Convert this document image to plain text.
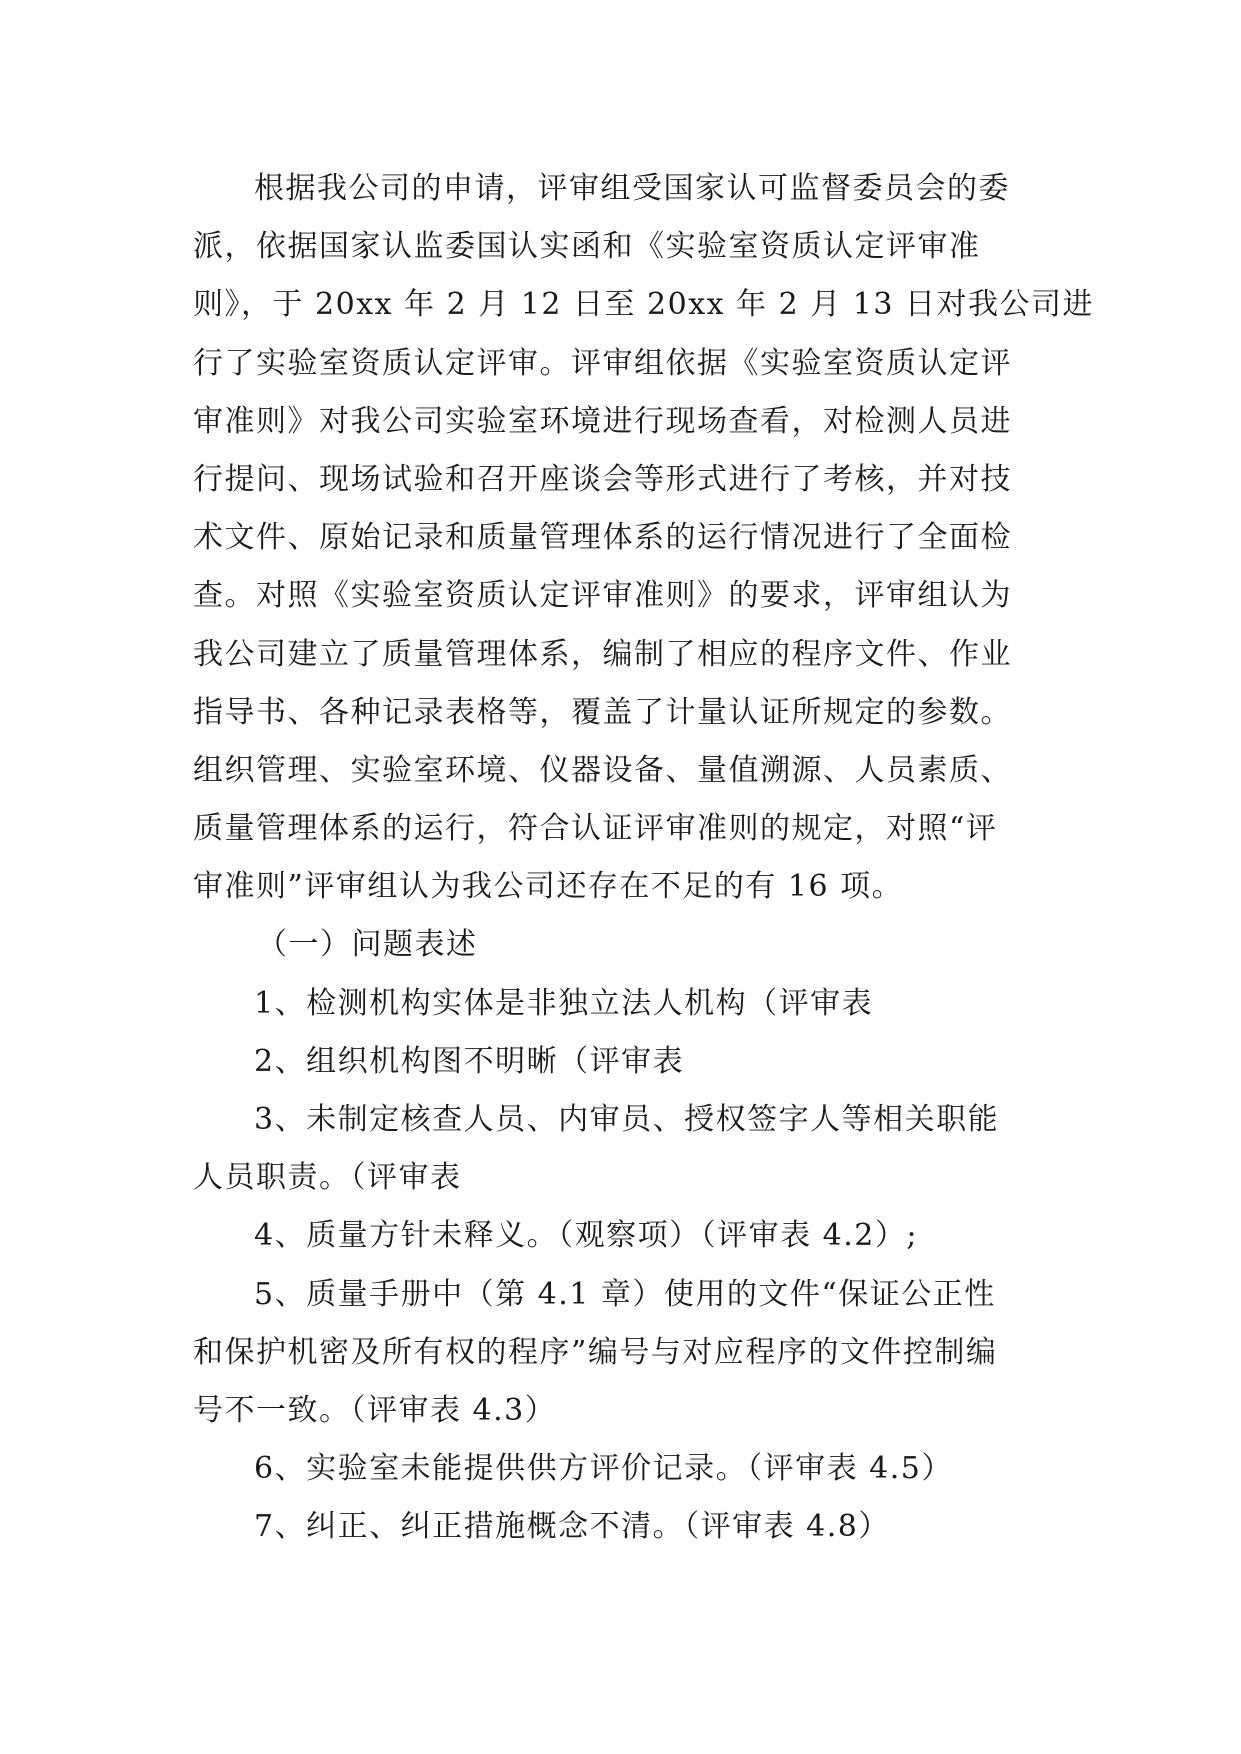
根据我公司的申请，评审组受国家认可监督委员会的委
派，依据国家认监委国认实函和《实验室资质认定评审准
则》，于 20xx 年 2 月 12 日至 20xx 年 2 月 13 日对我公司进
行了实验室资质认定评审。评审组依据《实验室资质认定评
审准则》对我公司实验室环境进行现场查看，对检测人员进
行提问、现场试验和召开座谈会等形式进行了考核，并对技
术文件、原始记录和质量管理体系的运行情况进行了全面检
查。对照《实验室资质认定评审准则》的要求，评审组认为
我公司建立了质量管理体系，编制了相应的程序文件、作业
指导书、各种记录表格等，覆盖了计量认证所规定的参数。
组织管理、实验室环境、仪器设备、量值溯源、人员素质、
质量管理体系的运行，符合认证评审准则的规定，对照“评
审准则”评审组认为我公司还存在不足的有 16 项。
（一）问题表述
1、检测机构实体是非独立法人机构（评审表
2、组织机构图不明晰（评审表
3、未制定核查人员、内审员、授权签字人等相关职能
人员职责。（评审表
4、质量方针未释义。（观察项）（评审表 4.2）;
5、质量手册中（第 4.1 章）使用的文件“保证公正性
和保护机密及所有权的程序”编号与对应程序的文件控制编
号不一致。（评审表 4.3）
6、实验室未能提供供方评价记录。（评审表 4.5）
7、纠正、纠正措施概念不清。（评审表 4.8）
